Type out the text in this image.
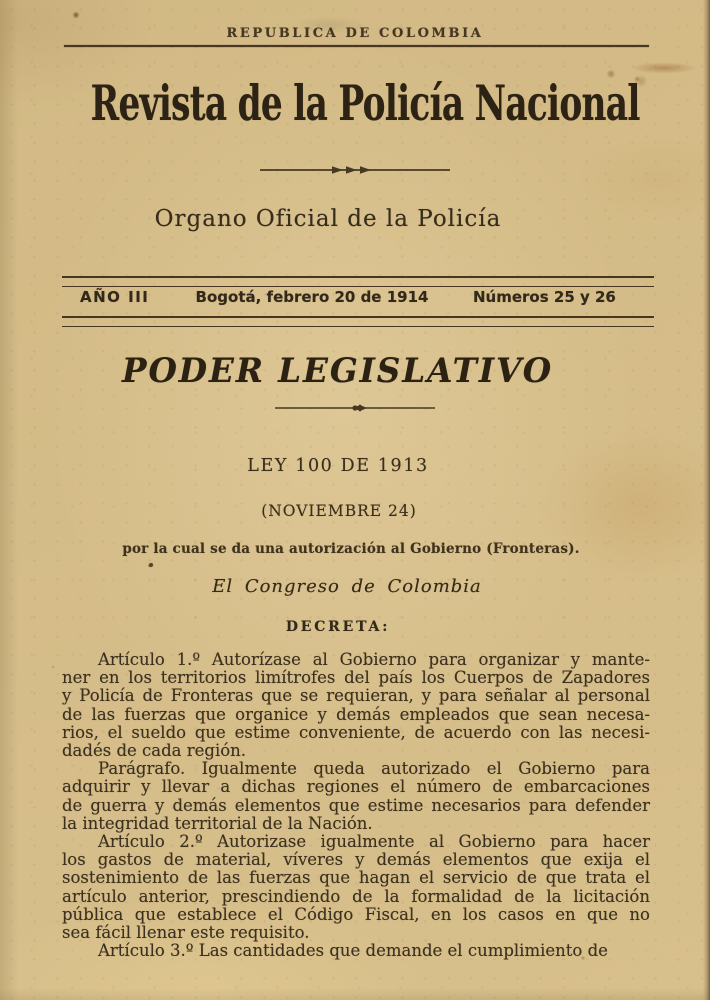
REPUBLICA DE COLOMBIA
Revista de la Policía Nacional
Organo Oficial de la Policía
AÑO III	Bogotá, febrero 20 de 1914	Números 25 y 26
PODER LEGISLATIVO
LEY 100 DE 1913
(NOVIEMBRE 24)
por la cual se da una autorización al Gobierno (Fronteras).
El Congreso de Colombia
DECRETA:
Artículo 1.º Autorízase al Gobierno para organizar y mante-
ner en los territorios limítrofes del país los Cuerpos de Zapadores
y Policía de Fronteras que se requieran, y para señalar al personal
de las fuerzas que organice y demás empleados que sean necesa-
rios, el sueldo que estime conveniente, de acuerdo con las necesi-
dadés de cada región.
Parágrafo. Igualmente queda autorizado el Gobierno para
adquirir y llevar a dichas regiones el número de embarcaciones
de guerra y demás elementos que estime necesarios para defender
la integridad territorial de la Nación.
Artículo 2.º Autorizase igualmente al Gobierno para hacer
los gastos de material, víveres y demás elementos que exija el
sostenimiento de las fuerzas que hagan el servicio de que trata el
artículo anterior, prescindiendo de la formalidad de la licitación
pública que establece el Código Fiscal, en los casos en que no
sea fácil llenar este requisito.
Artículo 3.º Las cantidades que demande el cumplimiento de
